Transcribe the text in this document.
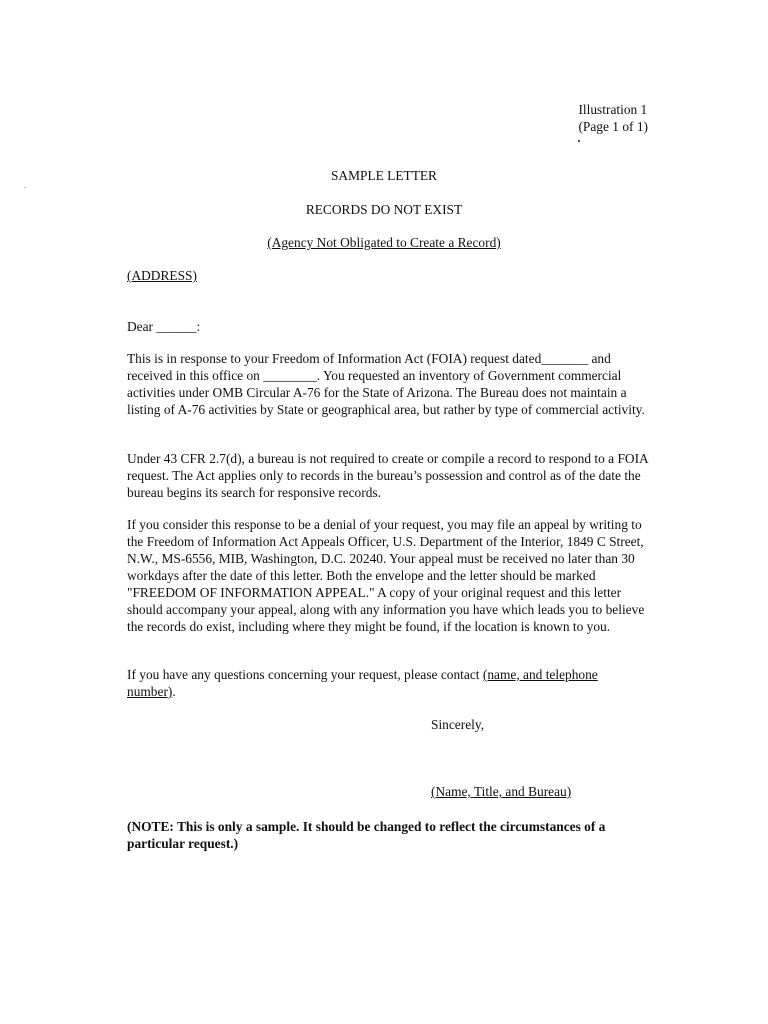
Illustration 1
(Page 1 of 1)
SAMPLE LETTER
RECORDS DO NOT EXIST
(Agency Not Obligated to Create a Record)
(ADDRESS)
Dear ______:

This is in response to your Freedom of Information Act (FOIA) request dated_______ and received in this office on ________. You requested an inventory of Government commercial activities under OMB Circular A-76 for the State of Arizona. The Bureau does not maintain a listing of A-76 activities by State or geographical area, but rather by type of commercial activity.

Under 43 CFR 2.7(d), a bureau is not required to create or compile a record to respond to a FOIA request. The Act applies only to records in the bureau’s possession and control as of the date the bureau begins its search for responsive records.

If you consider this response to be a denial of your request, you may file an appeal by writing to the Freedom of Information Act Appeals Officer, U.S. Department of the Interior, 1849 C Street, N.W., MS-6556, MIB, Washington, D.C. 20240. Your appeal must be received no later than 30 workdays after the date of this letter. Both the envelope and the letter should be marked "FREEDOM OF INFORMATION APPEAL." A copy of your original request and this letter should accompany your appeal, along with any information you have which leads you to believe the records do exist, including where they might be found, if the location is known to you.

If you have any questions concerning your request, please contact (name, and telephone number).

Sincerely,
(Name, Title, and Bureau)

(NOTE: This is only a sample. It should be changed to reflect the circumstances of a particular request.)
